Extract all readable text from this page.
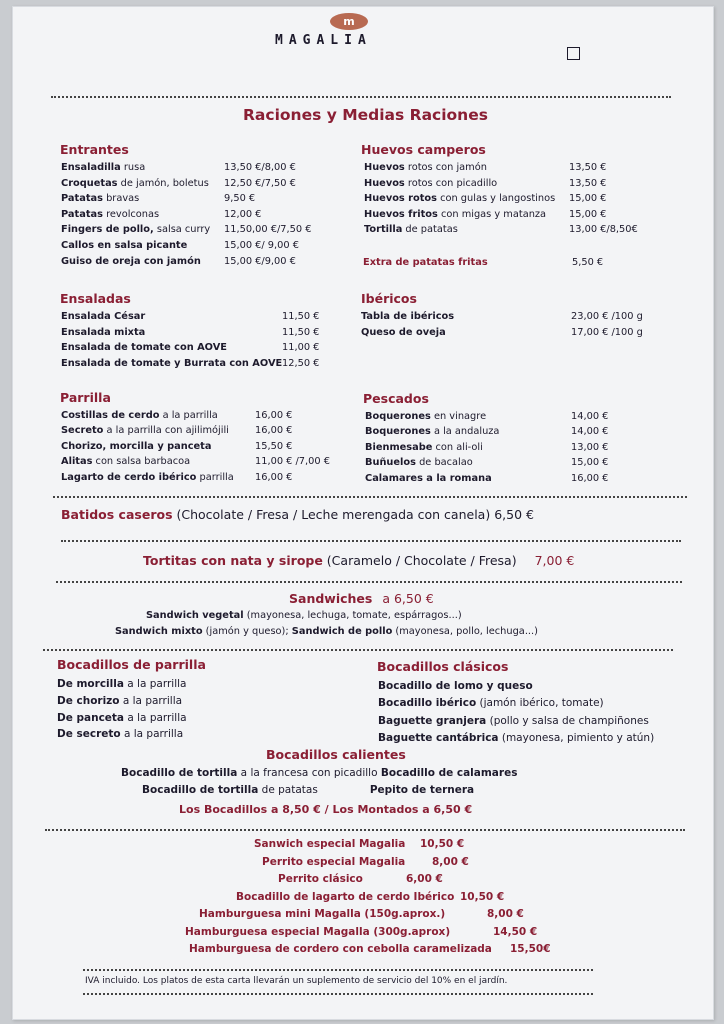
m
MAGALIA
Raciones y Medias Raciones
Entrantes
Ensaladilla rusa	13,50 €/8,00 €
Croquetas de jamón, boletus 12,50 €/7,50 €
Patatas bravas	9,50 €
Patatas revolconas	12,00 €
Fingers de pollo, salsa curry 11,50,00 €/7,50 €
Callos en salsa picante	15,00 €/ 9,00 €
Guiso de oreja con jamón 15,00 €/9,00 €
Huevos camperos
Huevos rotos con jamón	13,50 €
Huevos rotos con picadillo	13,50 €
Huevos rotos con gulas y langostinos 15,00 €
Huevos fritos con migas y matanza 15,00 €
Tortilla de patatas	13,00 €/8,50€
Extra de patatas fritas	5,50 €
Ensaladas
Ensalada César	11,50 €
Ensalada mixta	11,50 €
Ensalada de tomate con AOVE	11,00 €
Ensalada de tomate y Burrata con AOVE 12,50 €
Ibéricos
Tabla de ibéricos	23,00 € /100 g
Queso de oveja	17,00 € /100 g
Parrilla
Costillas de cerdo a la parrilla	16,00 €
Secreto a la parrilla con ajilimójili	16,00 €
Chorizo, morcilla y panceta	15,50 €
Alitas con salsa barbacoa	11,00 € /7,00 €
Lagarto de cerdo ibérico parrilla 16,00 €
Pescados
Boquerones en vinagre	14,00 €
Boquerones a la andaluza	14,00 €
Bienmesabe con ali-oli	13,00 €
Buñuelos de bacalao	15,00 €
Calamares a la romana	16,00 €
Batidos caseros (Chocolate / Fresa / Leche merengada con canela) 6,50 €
Tortitas con nata y sirope (Caramelo / Chocolate / Fresa) 7,00 €
Sandwiches a 6,50 €
Sandwich vegetal (mayonesa, lechuga, tomate, espárragos...)
Sandwich mixto (jamón y queso); Sandwich de pollo (mayonesa, pollo, lechuga...)
Bocadillos de parrilla
De morcilla a la parrilla
De chorizo a la parrilla
De panceta a la parrilla
De secreto a la parrilla
Bocadillos clásicos
Bocadillo de lomo y queso
Bocadillo ibérico (jamón ibérico, tomate)
Baguette granjera (pollo y salsa de champiñones
Baguette cantábrica (mayonesa, pimiento y atún)
Bocadillos calientes
Bocadillo de tortilla a la francesa con picadillo Bocadillo de calamares
Bocadillo de tortilla de patatas	Pepito de ternera
Los Bocadillos a 8,50 € / Los Montados a 6,50 €
Sanwich especial Magalia 10,50 €
Perrito especial Magalia	8,00 €
Perrito clásico	6,00 €
Bocadillo de lagarto de cerdo Ibérico 10,50 €
Hamburguesa mini Magalla (150g.aprox.)	8,00 €
Hamburguesa especial Magalla (300g.aprox)	14,50 €
Hamburguesa de cordero con cebolla caramelizada 15,50€
IVA incluido. Los platos de esta carta llevarán un suplemento de servicio del 10% en el jardín.
